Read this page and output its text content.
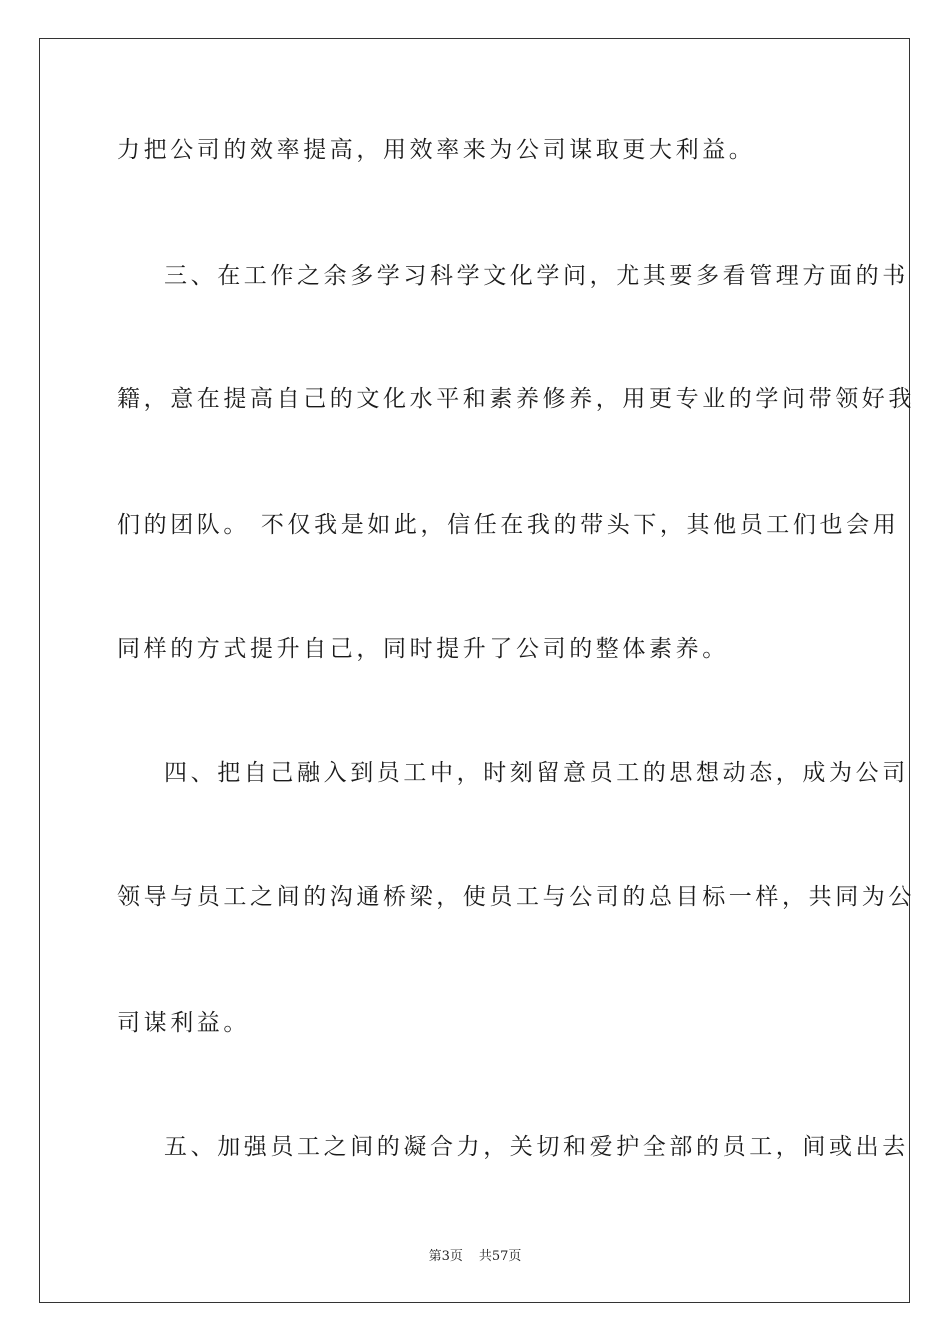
力把公司的效率提高，用效率来为公司谋取更大利益。
三、在工作之余多学习科学文化学问，尤其要多看管理方面的书
籍，意在提高自己的文化水平和素养修养，用更专业的学问带领好我
们的团队。 不仅我是如此，信任在我的带头下，其他员工们也会用
同样的方式提升自己，同时提升了公司的整体素养。
四、把自己融入到员工中，时刻留意员工的思想动态，成为公司
领导与员工之间的沟通桥梁，使员工与公司的总目标一样，共同为公
司谋利益。
五、加强员工之间的凝合力，关切和爱护全部的员工，间或出去
第3页 共57页
